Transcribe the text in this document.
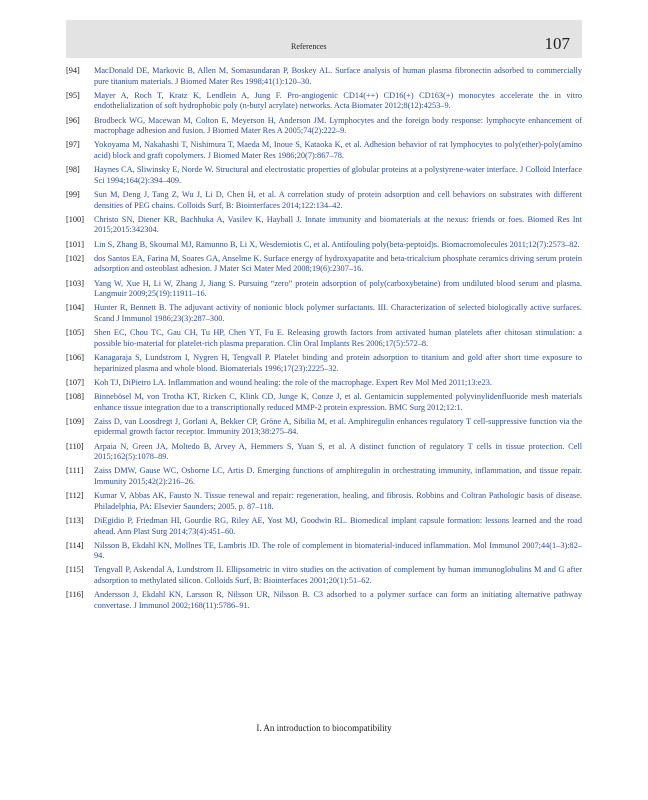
References	107
[94]	MacDonald DE, Markovic B, Allen M, Somasundaran P, Boskey AL. Surface analysis of human plasma fibronectin adsorbed to commercially pure titanium materials. J Biomed Mater Res 1998;41(1):120–30.
[95]	Mayer A, Roch T, Kratz K, Lendlein A, Jung F. Pro-angiogenic CD14(++) CD16(+) CD163(+) monocytes accelerate the in vitro endothelialization of soft hydrophobic poly (n-butyl acrylate) networks. Acta Biomater 2012;8(12):4253–9.
[96]	Brodbeck WG, Macewan M, Colton E, Meyerson H, Anderson JM. Lymphocytes and the foreign body response: lymphocyte enhancement of macrophage adhesion and fusion. J Biomed Mater Res A 2005;74(2):222–9.
[97]	Yokoyama M, Nakahashi T, Nishimura T, Maeda M, Inoue S, Kataoka K, et al. Adhesion behavior of rat lymphocytes to poly(ether)-poly(amino acid) block and graft copolymers. J Biomed Mater Res 1986;20(7):867–78.
[98]	Haynes CA, Sliwinsky E, Norde W. Structural and electrostatic properties of globular proteins at a polystyrene-water interface. J Colloid Interface Sci 1994;164(2):394–409.
[99]	Sun M, Deng J, Tang Z, Wu J, Li D, Chen H, et al. A correlation study of protein adsorption and cell behaviors on substrates with different densities of PEG chains. Colloids Surf, B: Biointerfaces 2014;122:134–42.
[100]	Christo SN, Diener KR, Bachhuka A, Vasilev K, Hayball J. Innate immunity and biomaterials at the nexus: friends or foes. Biomed Res Int 2015;2015:342304.
[101]	Lin S, Zhang B, Skoumal MJ, Ramunno B, Li X, Wesdemiotis C, et al. Antifouling poly(beta-peptoid)s. Biomacromolecules 2011;12(7):2573–82.
[102]	dos Santos EA, Farina M, Soares GA, Anselme K. Surface energy of hydroxyapatite and beta-tricalcium phosphate ceramics driving serum protein adsorption and osteoblast adhesion. J Mater Sci Mater Med 2008;19(6):2307–16.
[103]	Yang W, Xue H, Li W, Zhang J, Jiang S. Pursuing “zero” protein adsorption of poly(carboxybetaine) from undiluted blood serum and plasma. Langmuir 2009;25(19):11911–16.
[104]	Hunter R, Bennett B. The adjuvant activity of nonionic block polymer surfactants. III. Characterization of selected biologically active surfaces. Scand J Immunol 1986;23(3):287–300.
[105]	Shen EC, Chou TC, Gau CH, Tu HP, Chen YT, Fu E. Releasing growth factors from activated human platelets after chitosan stimulation: a possible bio-material for platelet-rich plasma preparation. Clin Oral Implants Res 2006;17(5):572–8.
[106]	Kanagaraja S, Lundstrom I, Nygren H, Tengvall P. Platelet binding and protein adsorption to titanium and gold after short time exposure to heparinized plasma and whole blood. Biomaterials 1996;17(23):2225–32.
[107]	Koh TJ, DiPietro LA. Inflammation and wound healing: the role of the macrophage. Expert Rev Mol Med 2011;13:e23.
[108]	Binnebösel M, von Trotha KT, Ricken C, Klink CD, Junge K, Conze J, et al. Gentamicin supplemented polyvinylidenfluoride mesh materials enhance tissue integration due to a transcriptionally reduced MMP-2 protein expression. BMC Surg 2012;12:1.
[109]	Zaiss D, van Loosdregt J, Gorlani A, Bekker CP, Gröne A, Sibilia M, et al. Amphiregulin enhances regulatory T cell-suppressive function via the epidermal growth factor receptor. Immunity 2013;38:275–84.
[110]	Arpaia N, Green JA, Moltedo B, Arvey A, Hemmers S, Yuan S, et al. A distinct function of regulatory T cells in tissue protection. Cell 2015;162(5):1078–89.
[111]	Zaiss DMW, Gause WC, Osborne LC, Artis D. Emerging functions of amphiregulin in orchestrating immunity, inflammation, and tissue repair. Immunity 2015;42(2):216–26.
[112]	Kumar V, Abbas AK, Fausto N. Tissue renewal and repair: regeneration, healing, and fibrosis. Robbins and Coltran Pathologic basis of disease. Philadelphia, PA: Elsevier Saunders; 2005. p. 87–118.
[113]	DiEgidio P, Friedman HI, Gourdie RG, Riley AE, Yost MJ, Goodwin RL. Biomedical implant capsule formation: lessons learned and the road ahead. Ann Plast Surg 2014;73(4):451–60.
[114]	Nilsson B, Ekdahl KN, Mollnes TE, Lambris JD. The role of complement in biomaterial-induced inflammation. Mol Immunol 2007;44(1–3):82–94.
[115]	Tengvall P, Askendal A, Lundstrom II. Ellipsometric in vitro studies on the activation of complement by human immunoglobulins M and G after adsorption to methylated silicon. Colloids Surf, B: Biointerfaces 2001;20(1):51–62.
[116]	Andersson J, Ekdahl KN, Larsson R, Nilsson UR, Nilsson B. C3 adsorbed to a polymer surface can form an initiating alternative pathway convertase. J Immunol 2002;168(11):5786–91.
I. An introduction to biocompatibility
